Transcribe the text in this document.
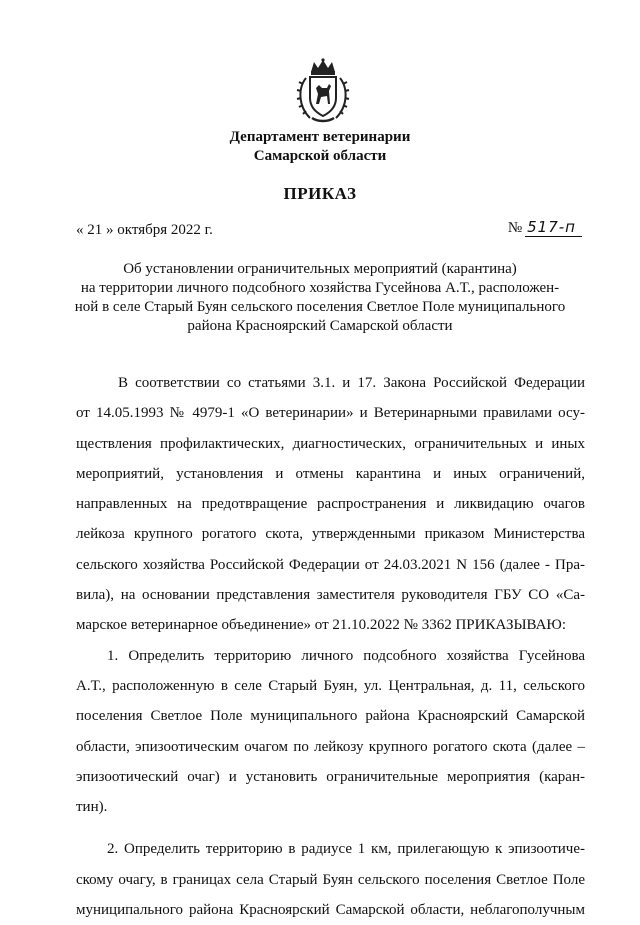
Департамент ветеринарии
Самарской области
ПРИКАЗ
« 21 » октября 2022 г.	№ 517-п
Об установлении ограничительных мероприятий (карантина)
на территории личного подсобного хозяйства Гусейнова А.Т., расположен-
ной в селе Старый Буян сельского поселения Светлое Поле муниципального
района Красноярский Самарской области
В соответствии со статьями 3.1. и 17. Закона Российской Федерации
от 14.05.1993 № 4979-1 «О ветеринарии» и Ветеринарными правилами осу-
ществления профилактических, диагностических, ограничительных и иных
мероприятий, установления и отмены карантина и иных ограничений,
направленных на предотвращение распространения и ликвидацию очагов
лейкоза крупного рогатого скота, утвержденными приказом Министерства
сельского хозяйства Российской Федерации от 24.03.2021 N 156 (далее - Пра-
вила), на основании представления заместителя руководителя ГБУ СО «Са-
марское ветеринарное объединение» от 21.10.2022 № 3362 ПРИКАЗЫВАЮ:
1. Определить территорию личного подсобного хозяйства Гусейнова
А.Т., расположенную в селе Старый Буян, ул. Центральная, д. 11, сельского
поселения Светлое Поле муниципального района Красноярский Самарской
области, эпизоотическим очагом по лейкозу крупного рогатого скота (далее –
эпизоотический очаг) и установить ограничительные мероприятия (каран-
тин).
2. Определить территорию в радиусе 1 км, прилегающую к эпизоотиче-
скому очагу, в границах села Старый Буян сельского поселения Светлое Поле
муниципального района Красноярский Самарской области, неблагополучным
